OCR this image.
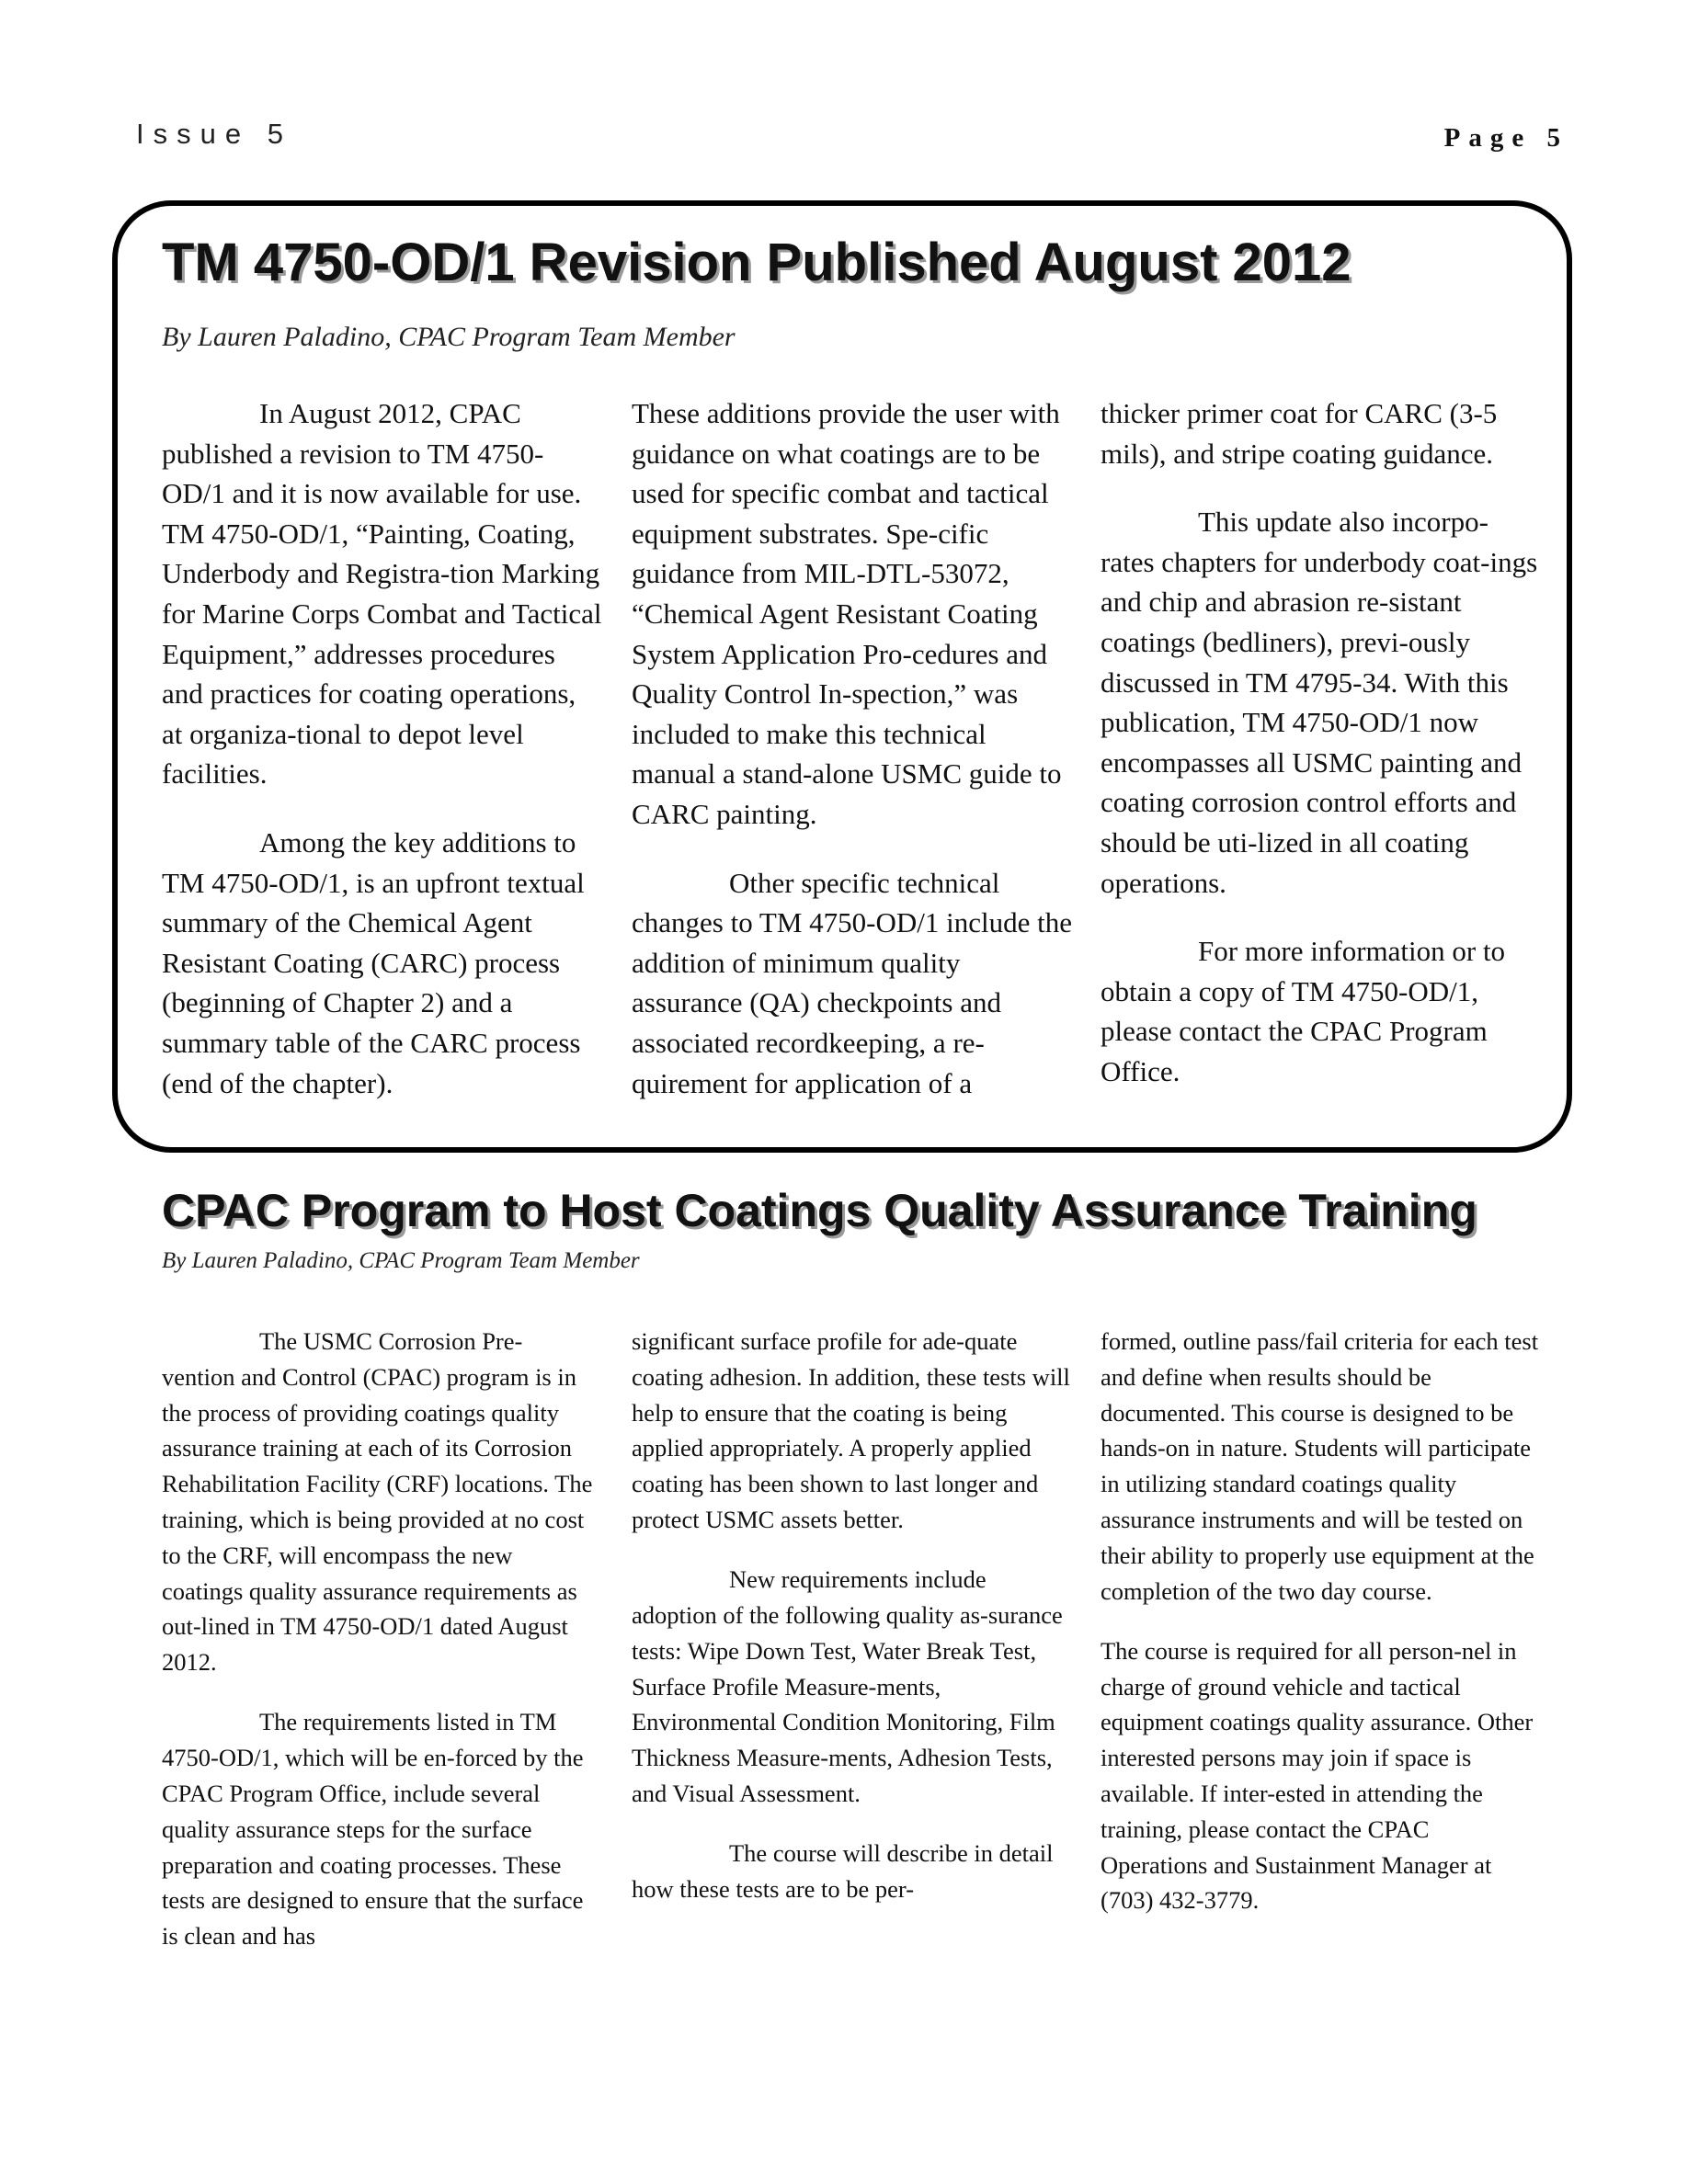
Issue 5	Page 5
TM 4750-OD/1 Revision Published August 2012
By Lauren Paladino, CPAC Program Team Member

In August 2012, CPAC published a revision to TM 4750-OD/1 and it is now available for use. TM 4750-OD/1, “Painting, Coating, Underbody and Registra-tion Marking for Marine Corps Combat and Tactical Equipment,” addresses procedures and practices for coating operations, at organiza-tional to depot level facilities.

Among the key additions to TM 4750-OD/1, is an upfront textual summary of the Chemical Agent Resistant Coating (CARC) process (beginning of Chapter 2) and a summary table of the CARC process (end of the chapter).

These additions provide the user with guidance on what coatings are to be used for specific combat and tactical equipment substrates. Spe-cific guidance from MIL-DTL-53072, “Chemical Agent Resistant Coating System Application Pro-cedures and Quality Control In-spection,” was included to make this technical manual a stand-alone USMC guide to CARC painting.

Other specific technical changes to TM 4750-OD/1 include the addition of minimum quality assurance (QA) checkpoints and associated recordkeeping, a re-quirement for application of a

thicker primer coat for CARC (3-5 mils), and stripe coating guidance.

This update also incorpo-rates chapters for underbody coat-ings and chip and abrasion re-sistant coatings (bedliners), previ-ously discussed in TM 4795-34. With this publication, TM 4750-OD/1 now encompasses all USMC painting and coating corrosion control efforts and should be uti-lized in all coating operations.

For more information or to obtain a copy of TM 4750-OD/1, please contact the CPAC Program Office.

CPAC Program to Host Coatings Quality Assurance Training
By Lauren Paladino, CPAC Program Team Member

The USMC Corrosion Pre-vention and Control (CPAC) program is in the process of providing coatings quality assurance training at each of its Corrosion Rehabilitation Facility (CRF) locations. The training, which is being provided at no cost to the CRF, will encompass the new coatings quality assurance requirements as out-lined in TM 4750-OD/1 dated August 2012.

The requirements listed in TM 4750-OD/1, which will be en-forced by the CPAC Program Office, include several quality assurance steps for the surface preparation and coating processes. These tests are designed to ensure that the surface is clean and has

significant surface profile for ade-quate coating adhesion. In addition, these tests will help to ensure that the coating is being applied appropriately. A properly applied coating has been shown to last longer and protect USMC assets better.

New requirements include adoption of the following quality as-surance tests: Wipe Down Test, Water Break Test, Surface Profile Measure-ments, Environmental Condition Monitoring, Film Thickness Measure-ments, Adhesion Tests, and Visual Assessment.

The course will describe in detail how these tests are to be per-

formed, outline pass/fail criteria for each test and define when results should be documented. This course is designed to be hands-on in nature. Students will participate in utilizing standard coatings quality assurance instruments and will be tested on their ability to properly use equipment at the completion of the two day course.

The course is required for all person-nel in charge of ground vehicle and tactical equipment coatings quality assurance. Other interested persons may join if space is available. If inter-ested in attending the training, please contact the CPAC Operations and Sustainment Manager at (703) 432-3779.
